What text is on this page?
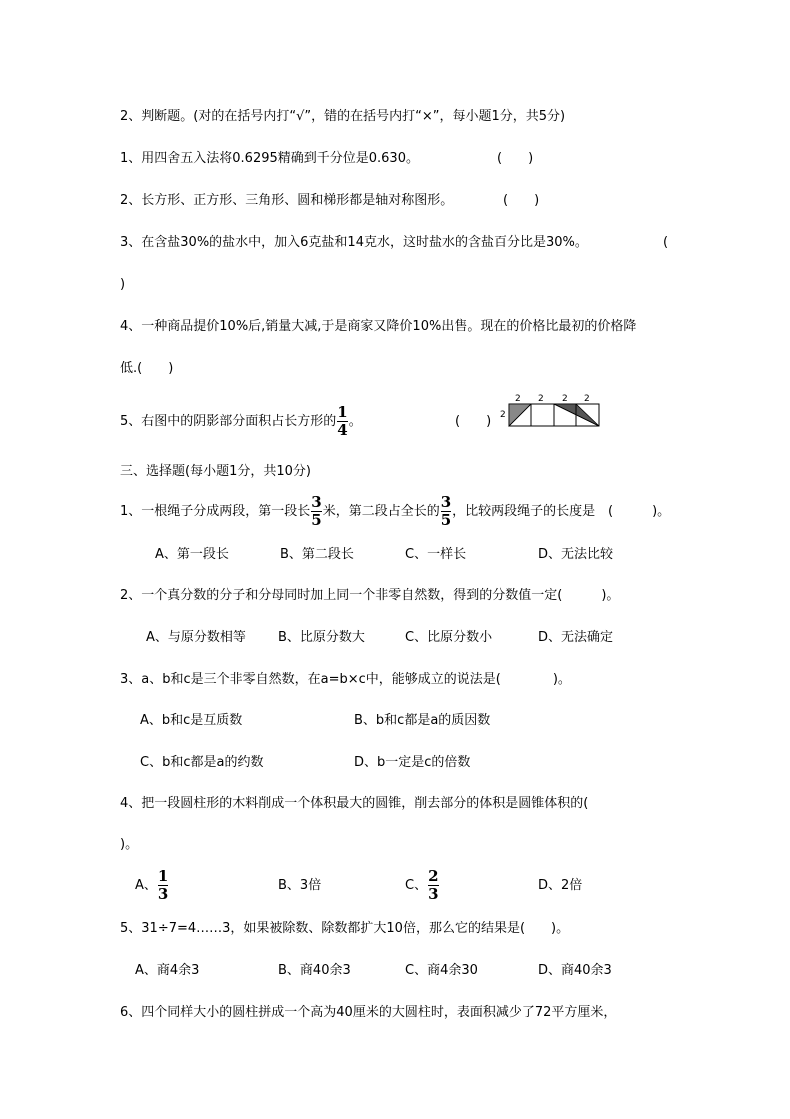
2、判断题。(对的在括号内打“√”，错的在括号内打“×”，每小题1分，共5分)
1、用四舍五入法将0.6295精确到千分位是0.630。	(　　)
2、长方形、正方形、三角形、圆和梯形都是轴对称图形。	(　　)
3、在含盐30%的盐水中，加入6克盐和14克水，这时盐水的含盐百分比是30%。	(
)
4、一种商品提价10%后,销量大减,于是商家又降价10%出售。现在的价格比最初的价格降
低.(　　)
5、右图中的阴影部分面积占长方形的 $\frac{1}{4}$ 。	(　　)
2 2 2 2
2
三、选择题(每小题1分，共10分)
1、一根绳子分成两段，第一段长 $\frac{3}{5}$ 米，第二段占全长的 $\frac{3}{5}$ ，比较两段绳子的长度是 (　　　)。
A、第一段长	B、第二段长	C、一样长	D、无法比较
2、一个真分数的分子和分母同时加上同一个非零自然数，得到的分数值一定(　　　)。
A、与原分数相等 B、比原分数大	C、比原分数小	D、无法确定
3、a、b和c是三个非零自然数，在a=b×c中，能够成立的说法是(　　　　)。
A、b和c是互质数	B、b和c都是a的质因数
C、b和c都是a的约数	D、b一定是c的倍数
4、把一段圆柱形的木料削成一个体积最大的圆锥，削去部分的体积是圆锥体积的(
)。
A、 $\frac{1}{3}$	B、3倍	C、 $\frac{2}{3}$	D、2倍
5、31÷7=4……3，如果被除数、除数都扩大10倍，那么它的结果是(　　)。
A、商4余3	B、商40余3	C、商4余30	D、商40余3
6、四个同样大小的圆柱拼成一个高为40厘米的大圆柱时，表面积减少了72平方厘米，
